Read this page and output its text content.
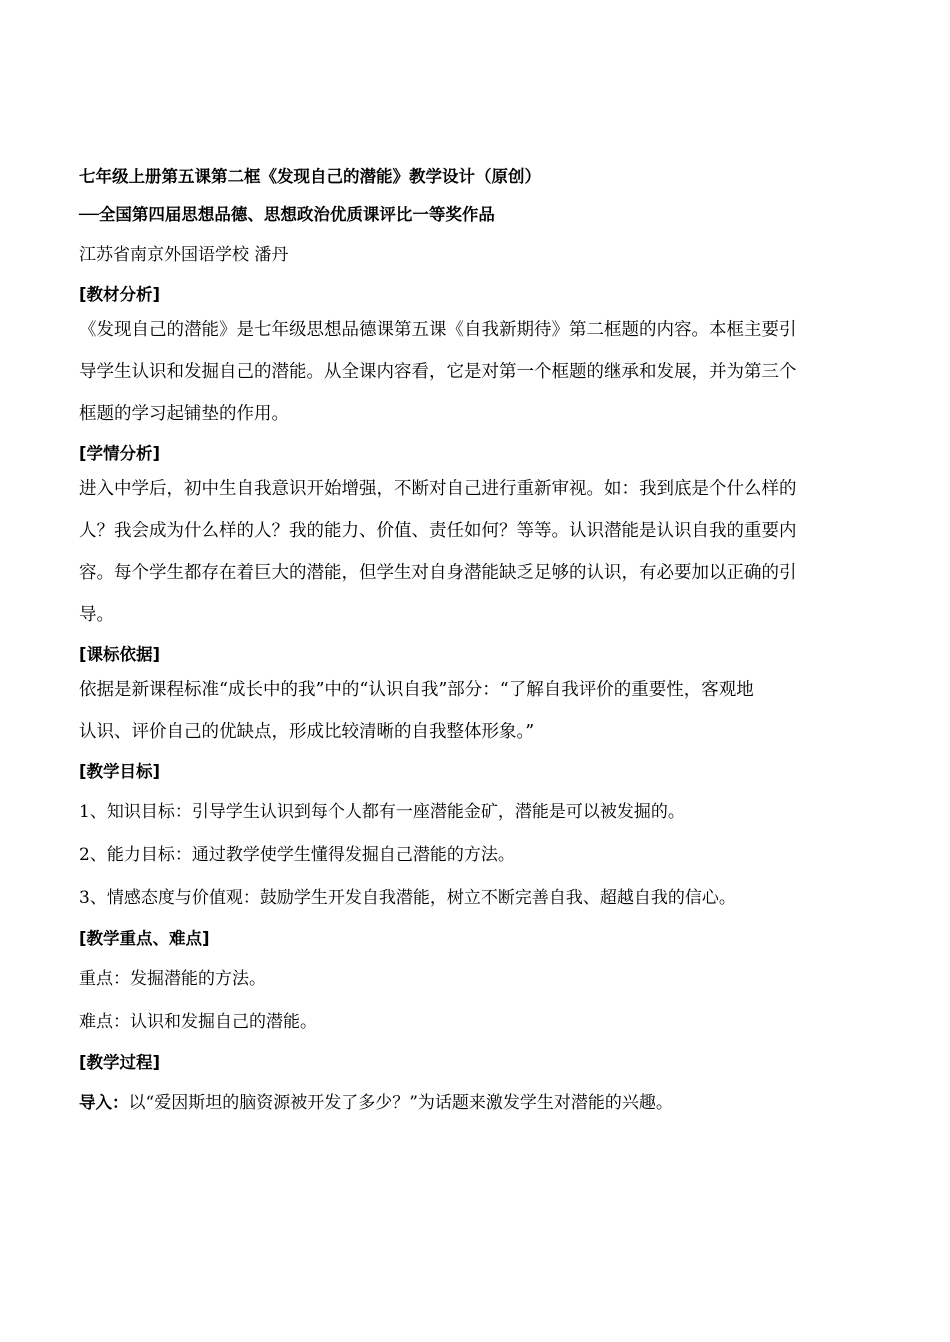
七年级上册第五课第二框《发现自己的潜能》教学设计（原创）

──全国第四届思想品德、思想政治优质课评比一等奖作品

江苏省南京外国语学校 潘丹

[教材分析]

《发现自己的潜能》是七年级思想品德课第五课《自我新期待》第二框题的内容。本框主要引

导学生认识和发掘自己的潜能。从全课内容看，它是对第一个框题的继承和发展，并为第三个

框题的学习起铺垫的作用。

[学情分析]

进入中学后，初中生自我意识开始增强，不断对自己进行重新审视。如：我到底是个什么样的

人？我会成为什么样的人？我的能力、价值、责任如何？等等。认识潜能是认识自我的重要内

容。每个学生都存在着巨大的潜能，但学生对自身潜能缺乏足够的认识，有必要加以正确的引

导。

[课标依据]

依据是新课程标准“成长中的我”中的“认识自我”部分：“了解自我评价的重要性，客观地

认识、评价自己的优缺点，形成比较清晰的自我整体形象。”

[教学目标]

1、知识目标：引导学生认识到每个人都有一座潜能金矿，潜能是可以被发掘的。

2、能力目标：通过教学使学生懂得发掘自己潜能的方法。

3、情感态度与价值观：鼓励学生开发自我潜能，树立不断完善自我、超越自我的信心。

[教学重点、难点]

重点：发掘潜能的方法。

难点：认识和发掘自己的潜能。

[教学过程]

导入：以“爱因斯坦的脑资源被开发了多少？”为话题来激发学生对潜能的兴趣。
